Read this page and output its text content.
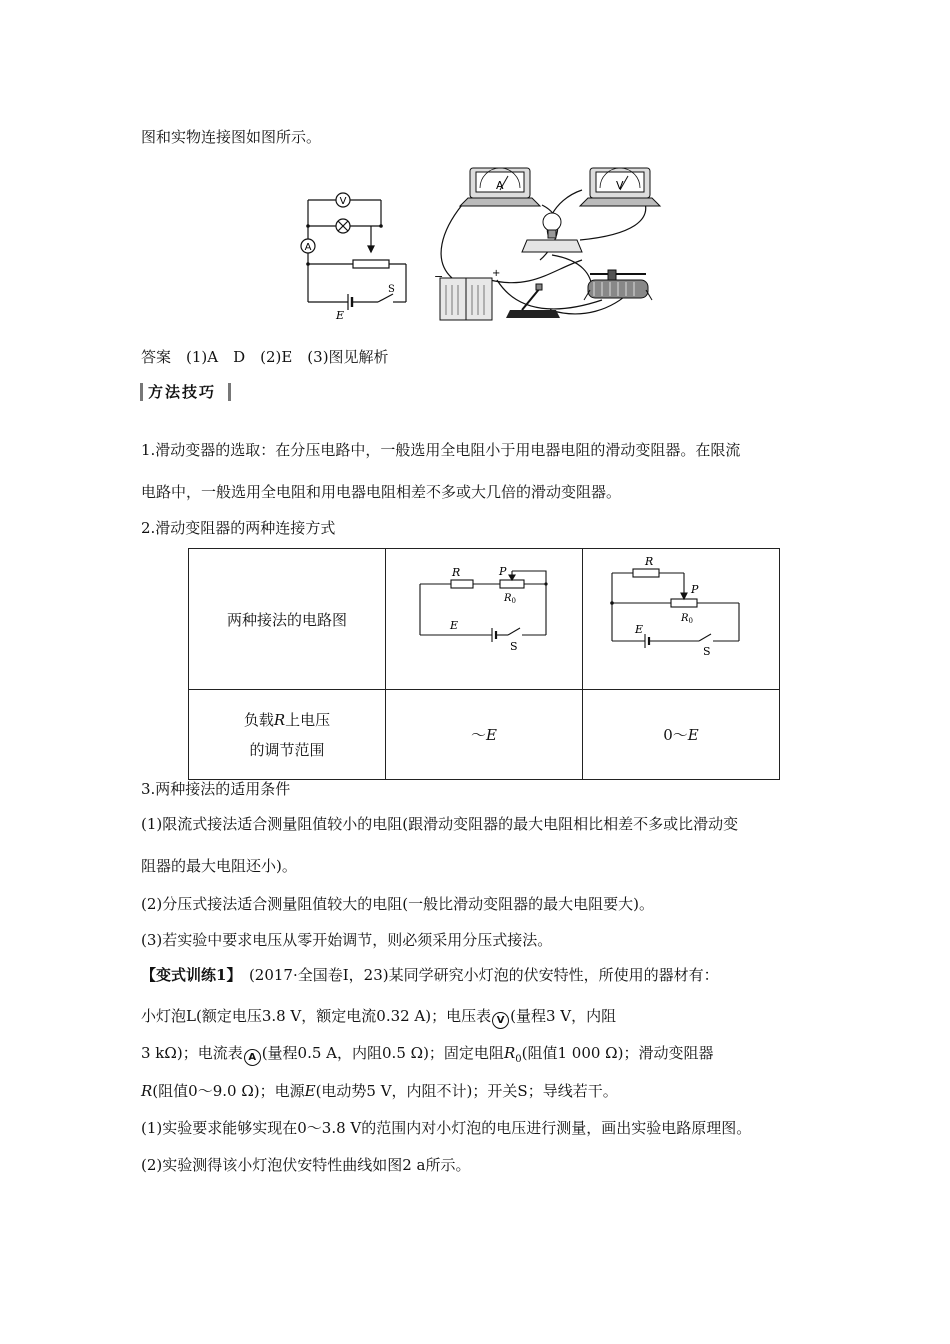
图和实物连接图如图所示。
V
A
E
S
A	V
−	+
答案　(1)A　D　(2)E　(3)图见解析
方法技巧
1.滑动变器的选取：在分压电路中，一般选用全电阻小于用电器电阻的滑动变阻器。在限流
电路中，一般选用全电阻和用电器电阻相差不多或大几倍的滑动变阻器。
2.滑动变阻器的两种连接方式
两种接法的电路图	R P
$R_0$
E
S	R
P
$R_0$
E
S

负载R上电压
的调节范围	～E	0～E
3.两种接法的适用条件
(1)限流式接法适合测量阻值较小的电阻(跟滑动变阻器的最大电阻相比相差不多或比滑动变
阻器的最大电阻还小)。
(2)分压式接法适合测量阻值较大的电阻(一般比滑动变阻器的最大电阻要大)。
(3)若实验中要求电压从零开始调节，则必须采用分压式接法。
【变式训练1】　(2017·全国卷Ⅰ，23)某同学研究小灯泡的伏安特性，所使用的器材有：
小灯泡L(额定电压3.8 V，额定电流0.32 A)；电压表 V (量程3 V，内阻
3 kΩ)；电流表 A (量程0.5 A，内阻0.5 Ω)；固定电阻$R_0$(阻值1 000 Ω)；滑动变阻器
R(阻值0～9.0 Ω)；电源E(电动势5 V，内阻不计)；开关S；导线若干。
(1)实验要求能够实现在0～3.8 V的范围内对小灯泡的电压进行测量，画出实验电路原理图。
(2)实验测得该小灯泡伏安特性曲线如图2 a所示。
